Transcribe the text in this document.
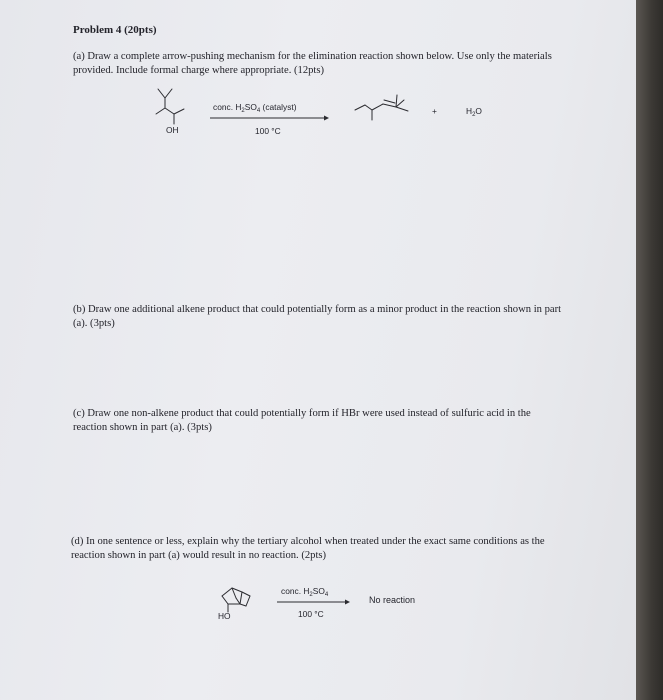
Problem 4 (20pts)
(a) Draw a complete arrow-pushing mechanism for the elimination reaction shown below. Use only the materials provided. Include formal charge where appropriate. (12pts)
OH
conc. $H_2SO_4$ (catalyst)
100 °C
+	$H_2O$
(b) Draw one additional alkene product that could potentially form as a minor product in the reaction shown in part (a). (3pts)
(c) Draw one non-alkene product that could potentially form if HBr were used instead of sulfuric acid in the reaction shown in part (a). (3pts)
(d) In one sentence or less, explain why the tertiary alcohol when treated under the exact same conditions as the reaction shown in part (a) would result in no reaction. (2pts)
HO
conc. $H_2SO_4$
100 °C
No reaction
